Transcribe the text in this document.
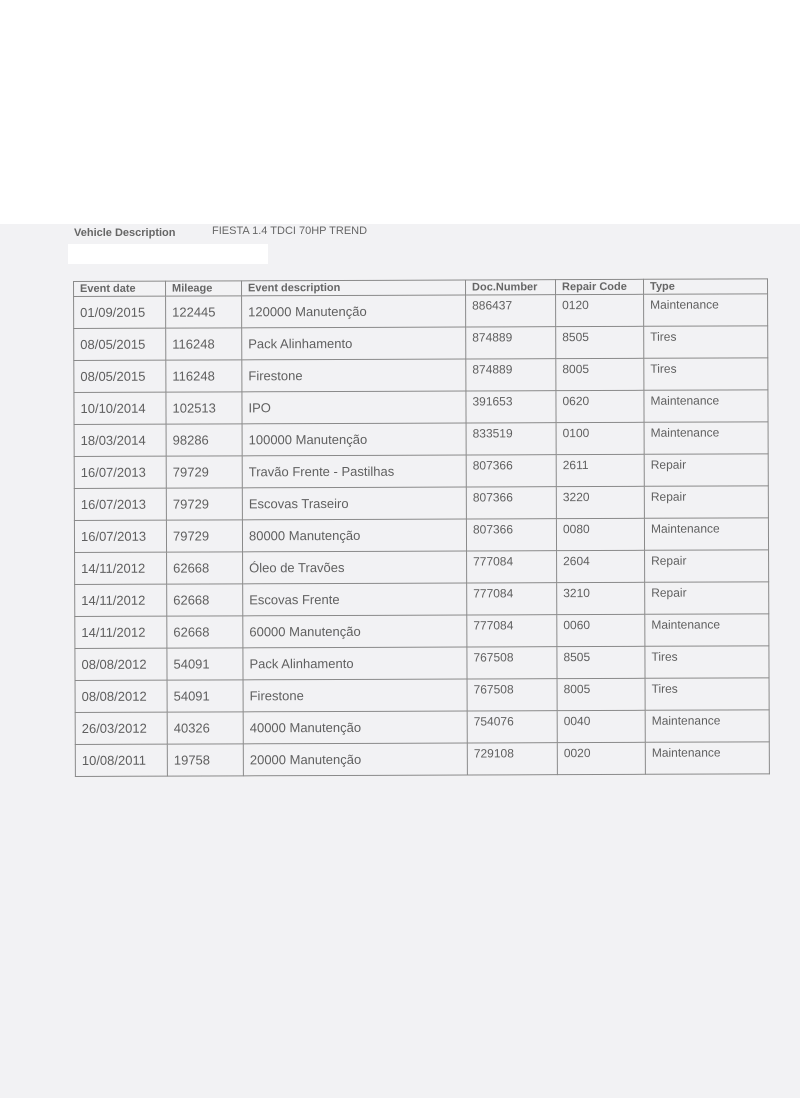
Vehicle Description	FIESTA 1.4 TDCI 70HP TREND
Event date	Mileage	Event description	Doc.Number	Repair Code	Type
01/09/2015	122445	120000 Manutenção	886437	0120	Maintenance
08/05/2015	116248	Pack Alinhamento	874889	8505	Tires
08/05/2015	116248	Firestone	874889	8005	Tires
10/10/2014	102513	IPO	391653	0620	Maintenance
18/03/2014	98286	100000 Manutenção	833519	0100	Maintenance
16/07/2013	79729	Travão Frente - Pastilhas	807366	2611	Repair
16/07/2013	79729	Escovas Traseiro	807366	3220	Repair
16/07/2013	79729	80000 Manutenção	807366	0080	Maintenance
14/11/2012	62668	Óleo de Travões	777084	2604	Repair
14/11/2012	62668	Escovas Frente	777084	3210	Repair
14/11/2012	62668	60000 Manutenção	777084	0060	Maintenance
08/08/2012	54091	Pack Alinhamento	767508	8505	Tires
08/08/2012	54091	Firestone	767508	8005	Tires
26/03/2012	40326	40000 Manutenção	754076	0040	Maintenance
10/08/2011	19758	20000 Manutenção	729108	0020	Maintenance
